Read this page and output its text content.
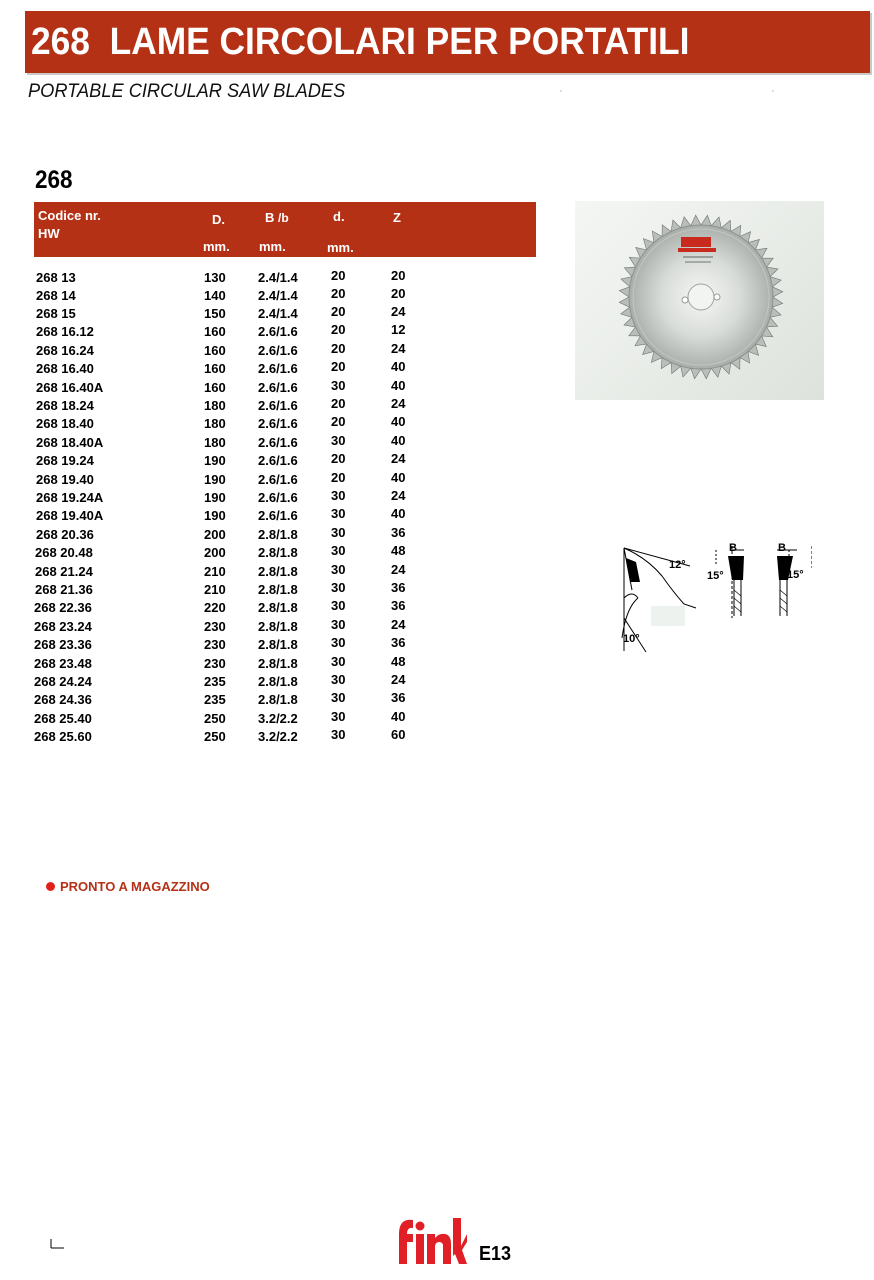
268  LAME CIRCOLARI PER PORTATILI
PORTABLE CIRCULAR SAW BLADES
268
Codice nr.
HW
D.	B /b	d.	Z
mm. mm.	mm.
268 13	130 2.4/1.4	20	20
268 14	140 2.4/1.4	20	20
268 15	150 2.4/1.4	20	24
268 16.12	160 2.6/1.6	20	12
268 16.24	160 2.6/1.6	20	24
268 16.40	160 2.6/1.6	20	40
268 16.40A	160 2.6/1.6	30	40
268 18.24	180 2.6/1.6	20	24
268 18.40	180 2.6/1.6	20	40
268 18.40A	180 2.6/1.6	30	40
268 19.24	190 2.6/1.6	20	24
268 19.40	190 2.6/1.6	20	40
268 19.24A	190 2.6/1.6	30	24
268 19.40A	190 2.6/1.6	30	40
268 20.36	200 2.8/1.8	30	36
268 20.48	200 2.8/1.8	30	48
268 21.24	210 2.8/1.8	30	24
268 21.36	210 2.8/1.8	30	36
268 22.36	220 2.8/1.8	30	36
268 23.24	230 2.8/1.8	30	24
268 23.36	230 2.8/1.8	30	36
268 23.48	230 2.8/1.8	30	48
268 24.24	235 2.8/1.8	30	24
268 24.36	235 2.8/1.8	30	36
268 25.40	250 3.2/2.2	30	40
268 25.60	250 3.2/2.2	30	60
12°
10°
15°	15°
B	B
PRONTO A MAGAZZINO
fink
E13
